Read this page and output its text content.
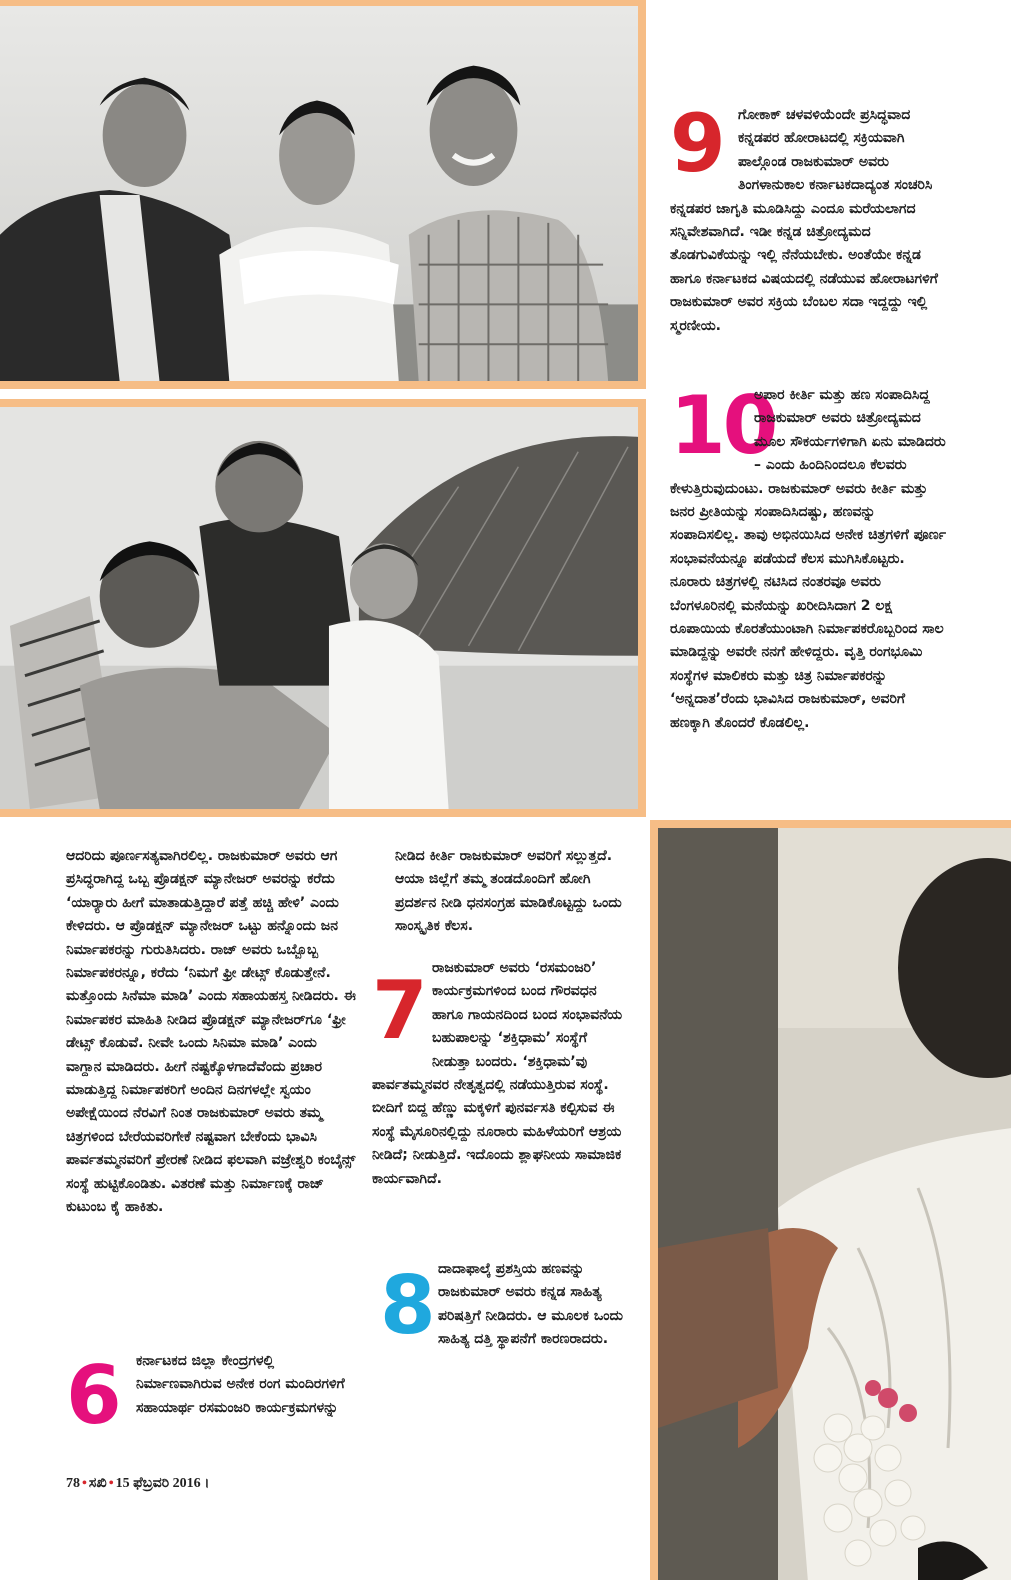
9	ಗೋಕಾಕ್ ಚಳವಳಿಯೆಂದೇ ಪ್ರಸಿದ್ಧವಾದ ಕನ್ನಡಪರ ಹೋರಾಟದಲ್ಲಿ ಸಕ್ರಿಯವಾಗಿ ಪಾಲ್ಗೊಂಡ ರಾಜಕುಮಾರ್ ಅವರು ತಿಂಗಳಾನುಕಾಲ ಕರ್ನಾಟಕದಾದ್ಯಂತ ಸಂಚರಿಸಿ ಕನ್ನಡಪರ ಜಾಗೃತಿ ಮೂಡಿಸಿದ್ದು ಎಂದೂ ಮರೆಯಲಾಗದ ಸನ್ನಿವೇಶವಾಗಿದೆ. ಇಡೀ ಕನ್ನಡ ಚಿತ್ರೋದ್ಯಮದ ತೊಡಗುವಿಕೆಯನ್ನು ಇಲ್ಲಿ ನೆನೆಯಬೇಕು. ಅಂತೆಯೇ ಕನ್ನಡ ಹಾಗೂ ಕರ್ನಾಟಕದ ವಿಷಯದಲ್ಲಿ ನಡೆಯುವ ಹೋರಾಟಗಳಿಗೆ ರಾಜಕುಮಾರ್ ಅವರ ಸಕ್ರಿಯ ಬೆಂಬಲ ಸದಾ ಇದ್ದದ್ದು ಇಲ್ಲಿ ಸ್ಮರಣೀಯ.

10

ಅಪಾರ ಕೀರ್ತಿ ಮತ್ತು ಹಣ ಸಂಪಾದಿಸಿದ್ದ ರಾಜಕುಮಾರ್ ಅವರು ಚಿತ್ರೋದ್ಯಮದ ಮೂಲ ಸೌಕರ್ಯಗಳಿಗಾಗಿ ಏನು ಮಾಡಿದರು – ಎಂದು ಹಿಂದಿನಿಂದಲೂ ಕೆಲವರು ಕೇಳುತ್ತಿರುವುದುಂಟು. ರಾಜಕುಮಾರ್ ಅವರು ಕೀರ್ತಿ ಮತ್ತು ಜನರ ಪ್ರೀತಿಯನ್ನು ಸಂಪಾದಿಸಿದಷ್ಟು, ಹಣವನ್ನು ಸಂಪಾದಿಸಲಿಲ್ಲ. ತಾವು ಅಭಿನಯಿಸಿದ ಅನೇಕ ಚಿತ್ರಗಳಿಗೆ ಪೂರ್ಣ ಸಂಭಾವನೆಯನ್ನೂ ಪಡೆಯದೆ ಕೆಲಸ ಮುಗಿಸಿಕೊಟ್ಟರು. ನೂರಾರು ಚಿತ್ರಗಳಲ್ಲಿ ನಟಿಸಿದ ನಂತರವೂ ಅವರು ಬೆಂಗಳೂರಿನಲ್ಲಿ ಮನೆಯನ್ನು ಖರೀದಿಸಿದಾಗ 2 ಲಕ್ಷ ರೂಪಾಯಿಯ ಕೊರತೆಯುಂಟಾಗಿ ನಿರ್ಮಾಪಕರೊಬ್ಬರಿಂದ ಸಾಲ ಮಾಡಿದ್ದನ್ನು ಅವರೇ ನನಗೆ ಹೇಳಿದ್ದರು. ವೃತ್ತಿ ರಂಗಭೂಮಿ ಸಂಸ್ಥೆಗಳ ಮಾಲಿಕರು ಮತ್ತು ಚಿತ್ರ ನಿರ್ಮಾಪಕರನ್ನು ‘ಅನ್ನದಾತ’ರೆಂದು ಭಾವಿಸಿದ ರಾಜಕುಮಾರ್, ಅವರಿಗೆ ಹಣಕ್ಕಾಗಿ ತೊಂದರೆ ಕೊಡಲಿಲ್ಲ.

ಆದರಿದು ಪೂರ್ಣಸತ್ಯವಾಗಿರಲಿಲ್ಲ. ರಾಜಕುಮಾರ್ ಅವರು ಆಗ ಪ್ರಸಿದ್ಧರಾಗಿದ್ದ ಒಬ್ಬ ಪ್ರೊಡಕ್ಷನ್ ಮ್ಯಾನೇಜರ್ ಅವರನ್ನು ಕರೆದು ‘ಯಾರ್‍ಯಾರು ಹೀಗೆ ಮಾತಾಡುತ್ತಿದ್ದಾರೆ ಪತ್ತೆ ಹಚ್ಚಿ ಹೇಳಿ’ ಎಂದು ಕೇಳಿದರು. ಆ ಪ್ರೊಡಕ್ಷನ್ ಮ್ಯಾನೇಜರ್ ಒಟ್ಟು ಹನ್ನೊಂದು ಜನ ನಿರ್ಮಾಪಕರನ್ನು ಗುರುತಿಸಿದರು. ರಾಜ್ ಅವರು ಒಬ್ಬೊಬ್ಬ ನಿರ್ಮಾಪಕರನ್ನೂ, ಕರೆದು ‘ನಿಮಗೆ ಫ್ರೀ ಡೇಟ್ಸ್ ಕೊಡುತ್ತೇನೆ. ಮತ್ತೊಂದು ಸಿನೆಮಾ ಮಾಡಿ’ ಎಂದು ಸಹಾಯಹಸ್ತ ನೀಡಿದರು. ಈ ನಿರ್ಮಾಪಕರ ಮಾಹಿತಿ ನೀಡಿದ ಪ್ರೊಡಕ್ಷನ್ ಮ್ಯಾನೇಜರ್‌ಗೂ ‘ಫ್ರೀ ಡೇಟ್ಸ್ ಕೊಡುವೆ. ನೀವೇ ಒಂದು ಸಿನಿಮಾ ಮಾಡಿ’ ಎಂದು ವಾಗ್ದಾನ ಮಾಡಿದರು. ಹೀಗೆ ನಷ್ಟಕ್ಕೊಳಗಾದೆವೆಂದು ಪ್ರಚಾರ ಮಾಡುತ್ತಿದ್ದ ನಿರ್ಮಾಪಕರಿಗೆ ಅಂದಿನ ದಿನಗಳಲ್ಲೇ ಸ್ವಯಂ ಅಪೇಕ್ಷೆಯಿಂದ ನೆರವಿಗೆ ನಿಂತ ರಾಜಕುಮಾರ್ ಅವರು ತಮ್ಮ ಚಿತ್ರಗಳಿಂದ ಬೇರೆಯವರಿಗೇಕೆ ನಷ್ಟವಾಗ ಬೇಕೆಂದು ಭಾವಿಸಿ ಪಾರ್ವತಮ್ಮನವರಿಗೆ ಪ್ರೇರಣೆ ನೀಡಿದ ಫಲವಾಗಿ ವಜ್ರೇಶ್ವರಿ ಕಂಬೈನ್ಸ್ ಸಂಸ್ಥೆ ಹುಟ್ಟಿಕೊಂಡಿತು. ವಿತರಣೆ ಮತ್ತು ನಿರ್ಮಾಣಕ್ಕೆ ರಾಜ್ ಕುಟುಂಬ ಕೈ ಹಾಕಿತು.

6	ಕರ್ನಾಟಕದ ಜಿಲ್ಲಾ ಕೇಂದ್ರಗಳಲ್ಲಿ ನಿರ್ಮಾಣವಾಗಿರುವ ಅನೇಕ ರಂಗ ಮಂದಿರಗಳಿಗೆ ಸಹಾಯಾರ್ಥ ರಸಮಂಜರಿ ಕಾರ್ಯಕ್ರಮಗಳನ್ನು

ನೀಡಿದ ಕೀರ್ತಿ ರಾಜಕುಮಾರ್ ಅವರಿಗೆ ಸಲ್ಲುತ್ತದೆ. ಆಯಾ ಜಿಲ್ಲೆಗೆ ತಮ್ಮ ತಂಡದೊಂದಿಗೆ ಹೋಗಿ ಪ್ರದರ್ಶನ ನೀಡಿ ಧನಸಂಗ್ರಹ ಮಾಡಿಕೊಟ್ಟದ್ದು ಒಂದು ಸಾಂಸ್ಕೃತಿಕ ಕೆಲಸ.

7 ರಾಜಕುಮಾರ್ ಅವರು ‘ರಸಮಂಜರಿ’ ಕಾರ್ಯಕ್ರಮಗಳಿಂದ ಬಂದ ಗೌರವಧನ ಹಾಗೂ ಗಾಯನದಿಂದ ಬಂದ ಸಂಭಾವನೆಯ ಬಹುಪಾಲನ್ನು ‘ಶಕ್ತಿಧಾಮ’ ಸಂಸ್ಥೆಗೆ ನೀಡುತ್ತಾ ಬಂದರು. ‘ಶಕ್ತಿಧಾಮ’ವು ಪಾರ್ವತಮ್ಮನವರ ನೇತೃತ್ವದಲ್ಲಿ ನಡೆಯುತ್ತಿರುವ ಸಂಸ್ಥೆ. ಬೀದಿಗೆ ಬಿದ್ದ ಹೆಣ್ಣು ಮಕ್ಕಳಿಗೆ ಪುನರ್ವಸತಿ ಕಲ್ಪಿಸುವ ಈ ಸಂಸ್ಥೆ ಮೈಸೂರಿನಲ್ಲಿದ್ದು ನೂರಾರು ಮಹಿಳೆಯರಿಗೆ ಆಶ್ರಯ ನೀಡಿದೆ; ನೀಡುತ್ತಿದೆ. ಇದೊಂದು ಶ್ಲಾಘನೀಯ ಸಾಮಾಜಿಕ ಕಾರ್ಯವಾಗಿದೆ.

8 ದಾದಾಫಾಲ್ಕೆ ಪ್ರಶಸ್ತಿಯ ಹಣವನ್ನು ರಾಜಕುಮಾರ್ ಅವರು ಕನ್ನಡ ಸಾಹಿತ್ಯ ಪರಿಷತ್ತಿಗೆ ನೀಡಿದರು. ಆ ಮೂಲಕ ಒಂದು ಸಾಹಿತ್ಯ ದತ್ತಿ ಸ್ಥಾಪನೆಗೆ ಕಾರಣರಾದರು.

78 • ಸಖಿ • 15 ಫೆಬ್ರವರಿ 2016 ।
